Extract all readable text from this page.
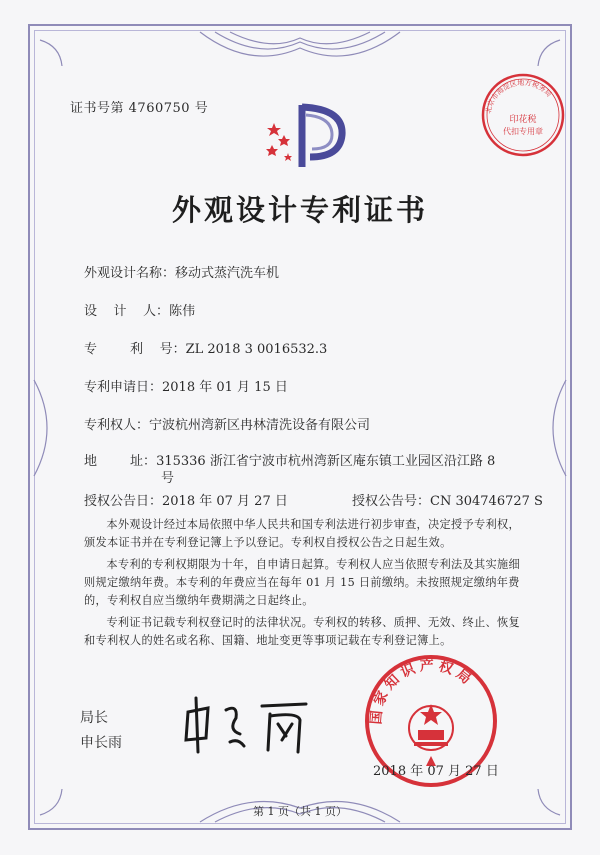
证书号第 4760750 号	北京市海淀区地方税务局
印花税
代扣专用章
外观设计专利证书
外观设计名称：移动式蒸汽洗车机
设    计    人：陈伟
专        利    号：ZL 2018 3 0016532.3
专利申请日：2018 年 01 月 15 日
专利权人：宁波杭州湾新区冉林清洗设备有限公司
地        址：315336 浙江省宁波市杭州湾新区庵东镇工业园区沿江路 8
号
授权公告日：2018 年 07 月 27 日	授权公告号：CN 304746727 S
本外观设计经过本局依照中华人民共和国专利法进行初步审查，决定授予专利权，颁发本证书并在专利登记簿上予以登记。专利权自授权公告之日起生效。
本专利的专利权期限为十年，自申请日起算。专利权人应当依照专利法及其实施细则规定缴纳年费。本专利的年费应当在每年 01 月 15 日前缴纳。未按照规定缴纳年费的，专利权自应当缴纳年费期满之日起终止。
专利证书记载专利权登记时的法律状况。专利权的转移、质押、无效、终止、恢复和专利权人的姓名或名称、国籍、地址变更等事项记载在专利登记簿上。
局长
申长雨
国家知识产权局
2018 年 07 月 27 日
第 1 页（共 1 页）
